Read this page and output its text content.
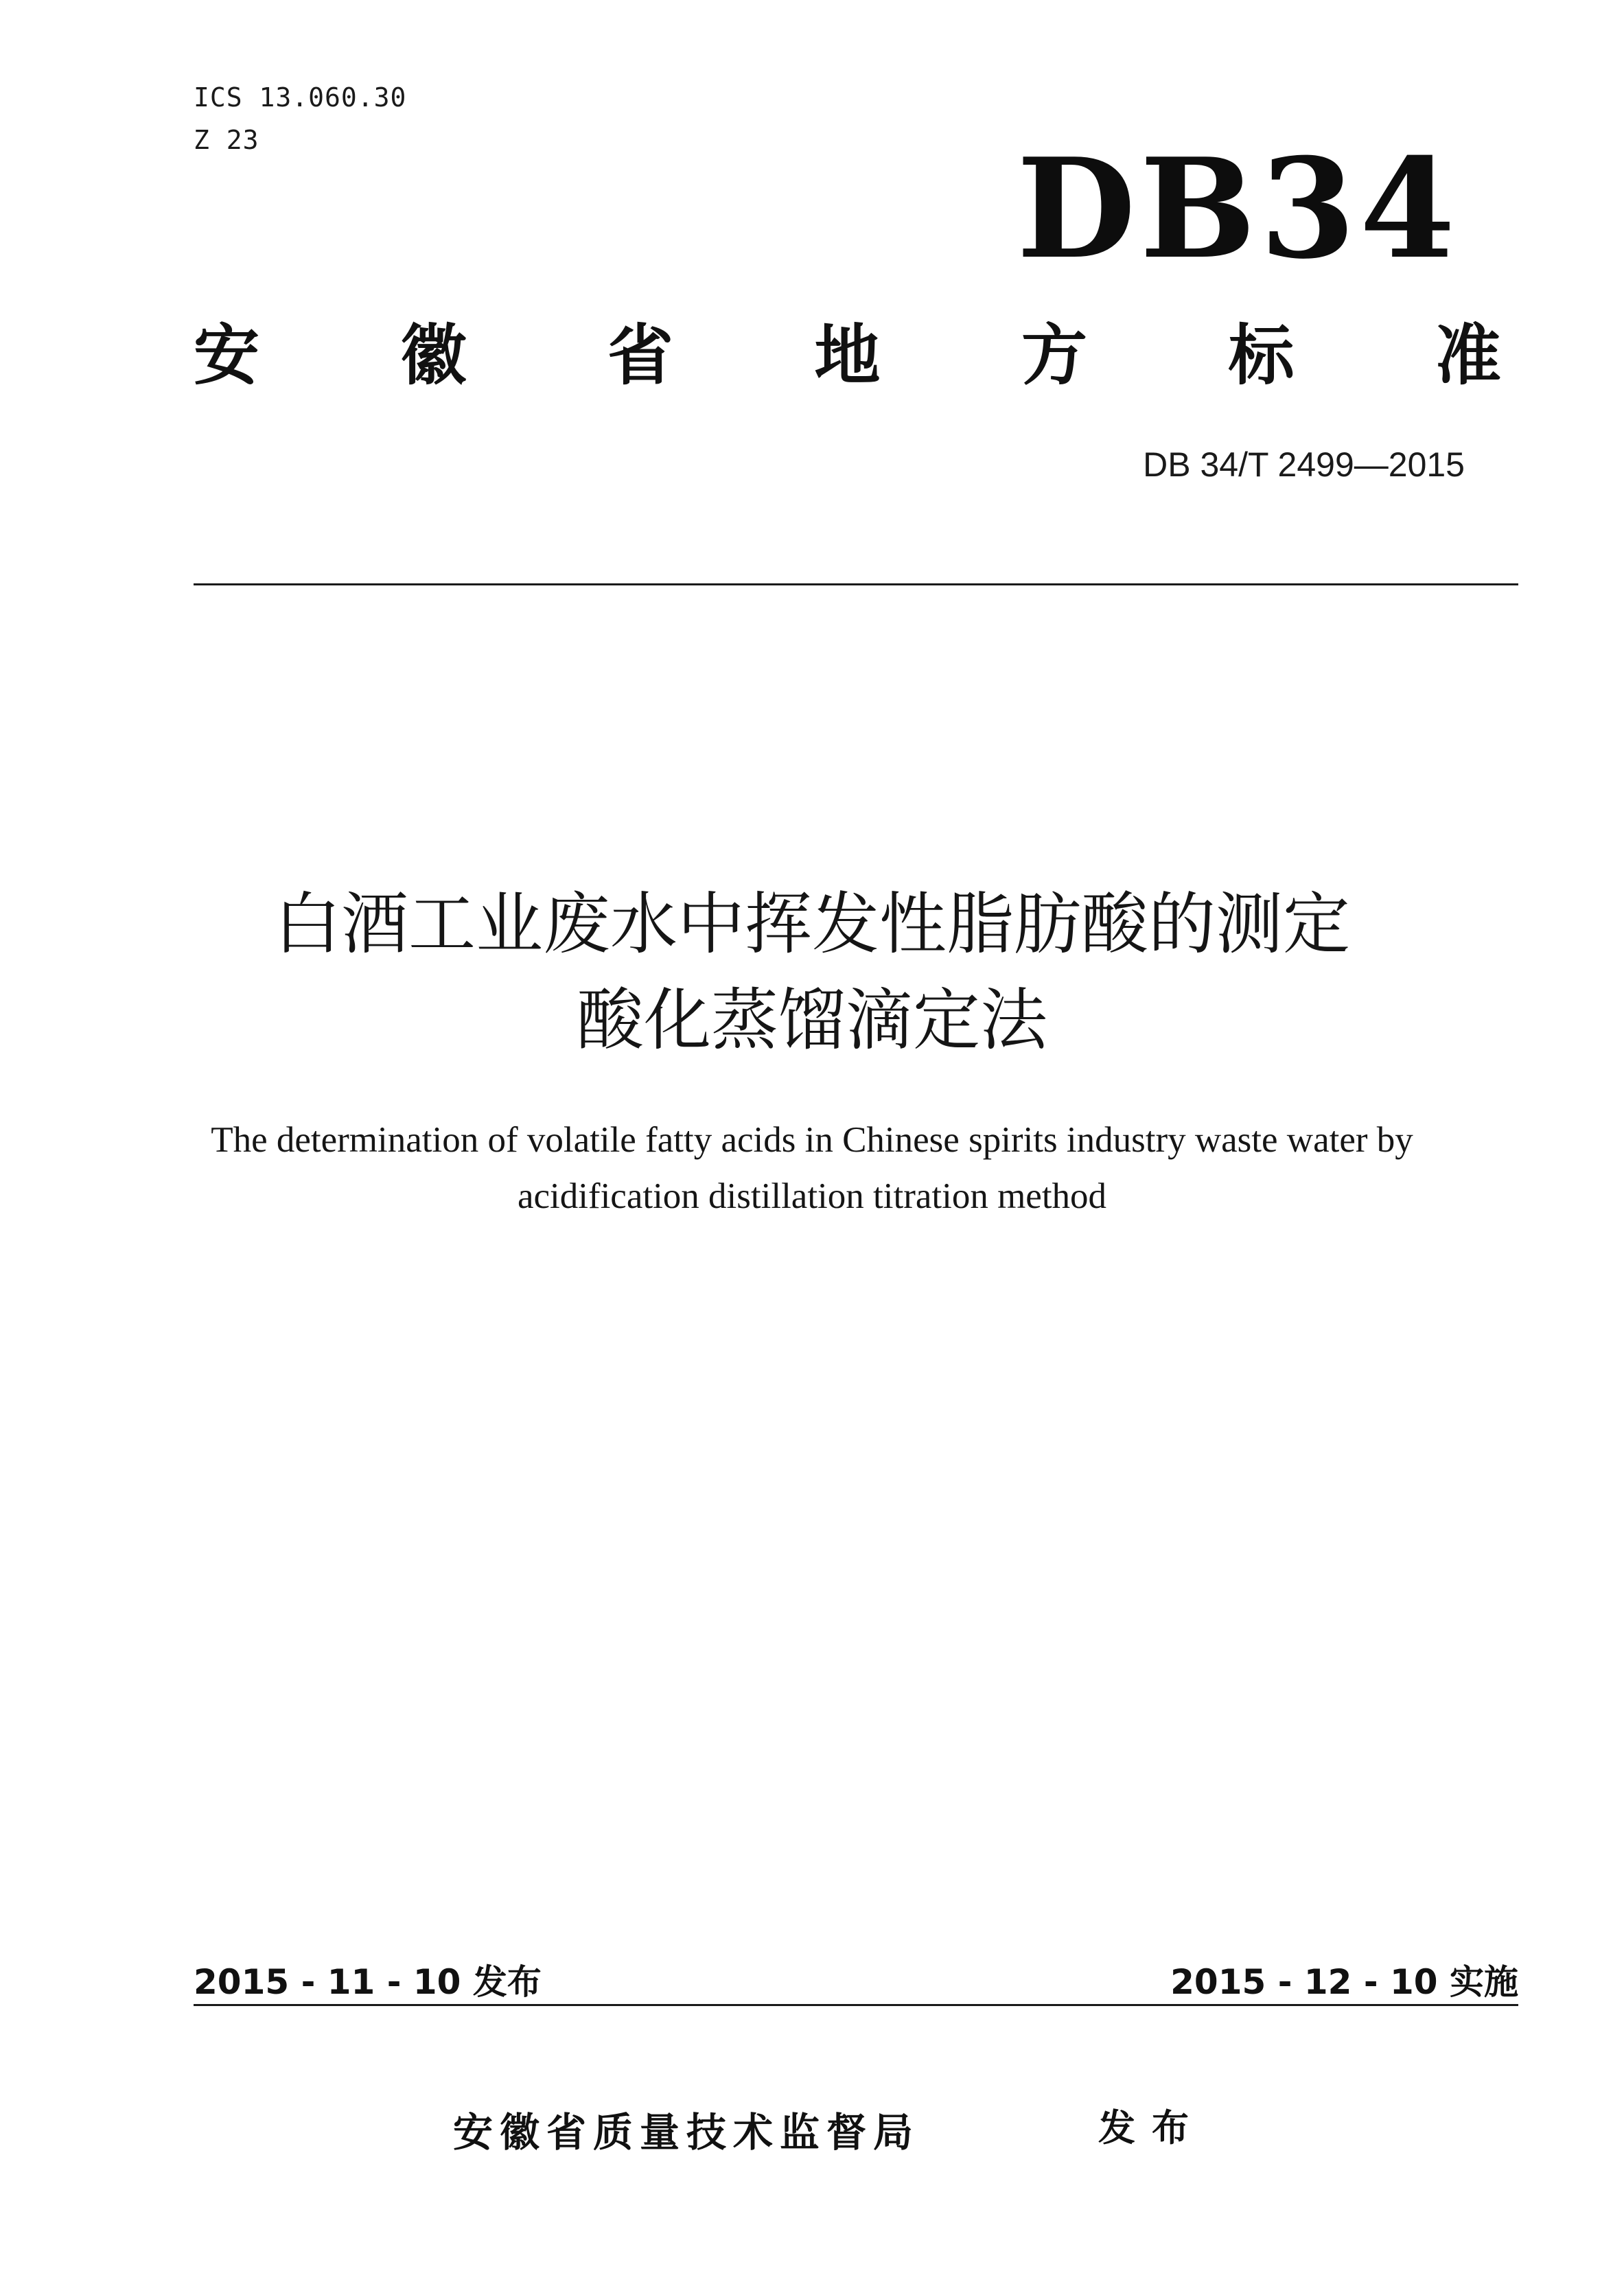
ICS 13.060.30
Z 23	DB34
安 徽 省 地 方 标 准
DB 34/T 2499—2015
白酒工业废水中挥发性脂肪酸的测定
酸化蒸馏滴定法
The determination of volatile fatty acids in Chinese spirits industry waste water by
acidification distillation titration method
2015 - 11 - 10 发布	2015 - 12 - 10 实施
安徽省质量技术监督局	发布
